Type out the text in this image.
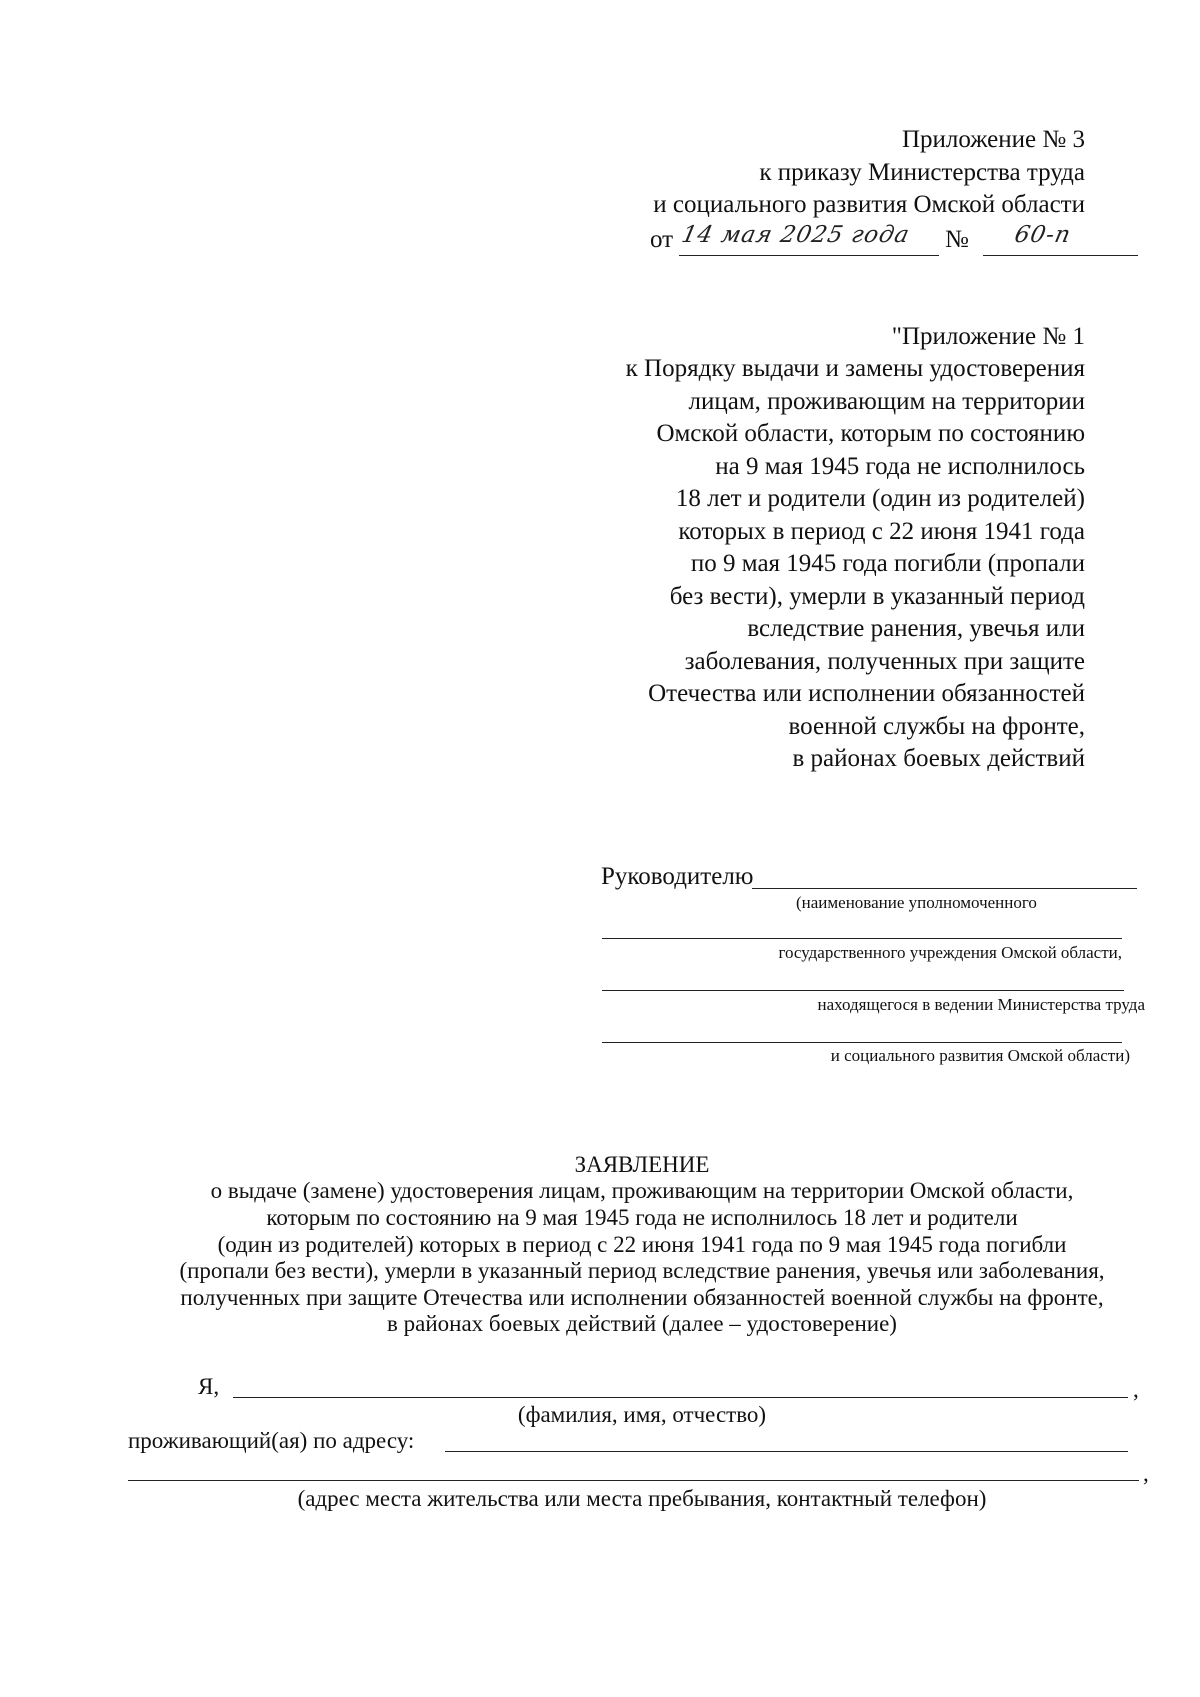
Приложение № 3
к приказу Министерства труда
и социального развития Омской области
от 14 мая 2025 года № 60-п
"Приложение № 1
к Порядку выдачи и замены удостоверения
лицам, проживающим на территории
Омской области, которым по состоянию
на 9 мая 1945 года не исполнилось
18 лет и родители (один из родителей)
которых в период с 22 июня 1941 года
по 9 мая 1945 года погибли (пропали
без вести), умерли в указанный период
вследствие ранения, увечья или
заболевания, полученных при защите
Отечества или исполнении обязанностей
военной службы на фронте,
в районах боевых действий
Руководителю
(наименование уполномоченного
государственного учреждения Омской области,
находящегося в ведении Министерства труда
и социального развития Омской области)
ЗАЯВЛЕНИЕ
о выдаче (замене) удостоверения лицам, проживающим на территории Омской области,
которым по состоянию на 9 мая 1945 года не исполнилось 18 лет и родители
(один из родителей) которых в период с 22 июня 1941 года по 9 мая 1945 года погибли
(пропали без вести), умерли в указанный период вследствие ранения, увечья или заболевания,
полученных при защите Отечества или исполнении обязанностей военной службы на фронте,
в районах боевых действий (далее – удостоверение)
Я,	,
(фамилия, имя, отчество)
проживающий(ая) по адресу:
,
(адрес места жительства или места пребывания, контактный телефон)
